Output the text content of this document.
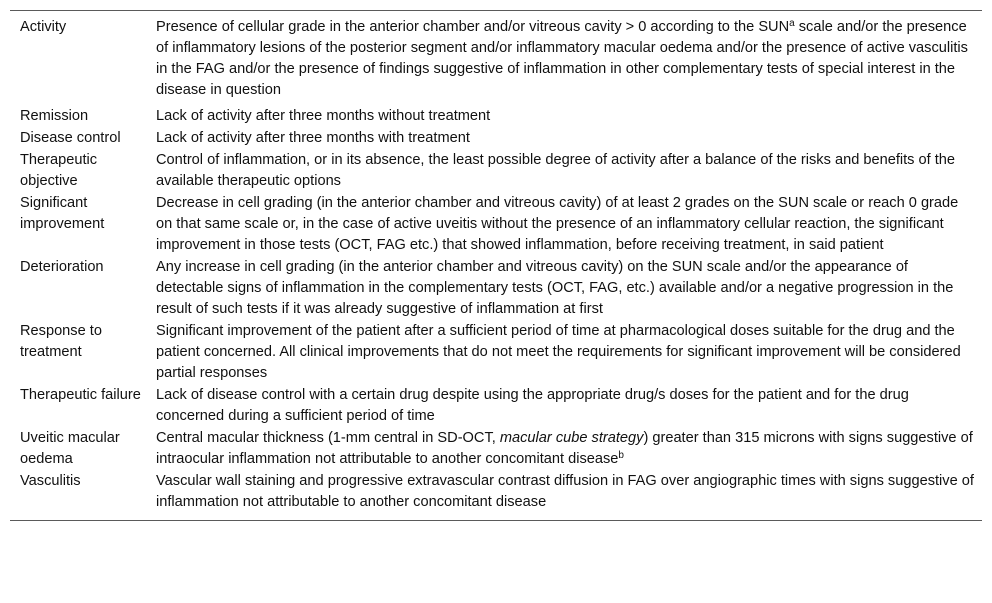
Activity	Presence of cellular grade in the anterior chamber and/or vitreous cavity > 0 according to the SUN$^a$ scale and/or the presence of inflammatory lesions of the posterior segment and/or inflammatory macular oedema and/or the presence of active vasculitis in the FAG and/or the presence of findings suggestive of inflammation in other complementary tests of special interest in the disease in question
Remission	Lack of activity after three months without treatment
Disease control	Lack of activity after three months with treatment
Therapeutic objective	Control of inflammation, or in its absence, the least possible degree of activity after a balance of the risks and benefits of the available therapeutic options
Significant improvement	Decrease in cell grading (in the anterior chamber and vitreous cavity) of at least 2 grades on the SUN scale or reach 0 grade on that same scale or, in the case of active uveitis without the presence of an inflammatory cellular reaction, the significant improvement in those tests (OCT, FAG etc.) that showed inflammation, before receiving treatment, in said patient
Deterioration	Any increase in cell grading (in the anterior chamber and vitreous cavity) on the SUN scale and/or the appearance of detectable signs of inflammation in the complementary tests (OCT, FAG, etc.) available and/or a negative progression in the result of such tests if it was already suggestive of inflammation at first
Response to treatment	Significant improvement of the patient after a sufficient period of time at pharmacological doses suitable for the drug and the patient concerned. All clinical improvements that do not meet the requirements for significant improvement will be considered partial responses
Therapeutic failure	Lack of disease control with a certain drug despite using the appropriate drug/s doses for the patient and for the drug concerned during a sufficient period of time
Uveitic macular oedema	Central macular thickness (1-mm central in SD-OCT, macular cube strategy) greater than 315 microns with signs suggestive of intraocular inflammation not attributable to another concomitant disease$^b$
Vasculitis	Vascular wall staining and progressive extravascular contrast diffusion in FAG over angiographic times with signs suggestive of inflammation not attributable to another concomitant disease
